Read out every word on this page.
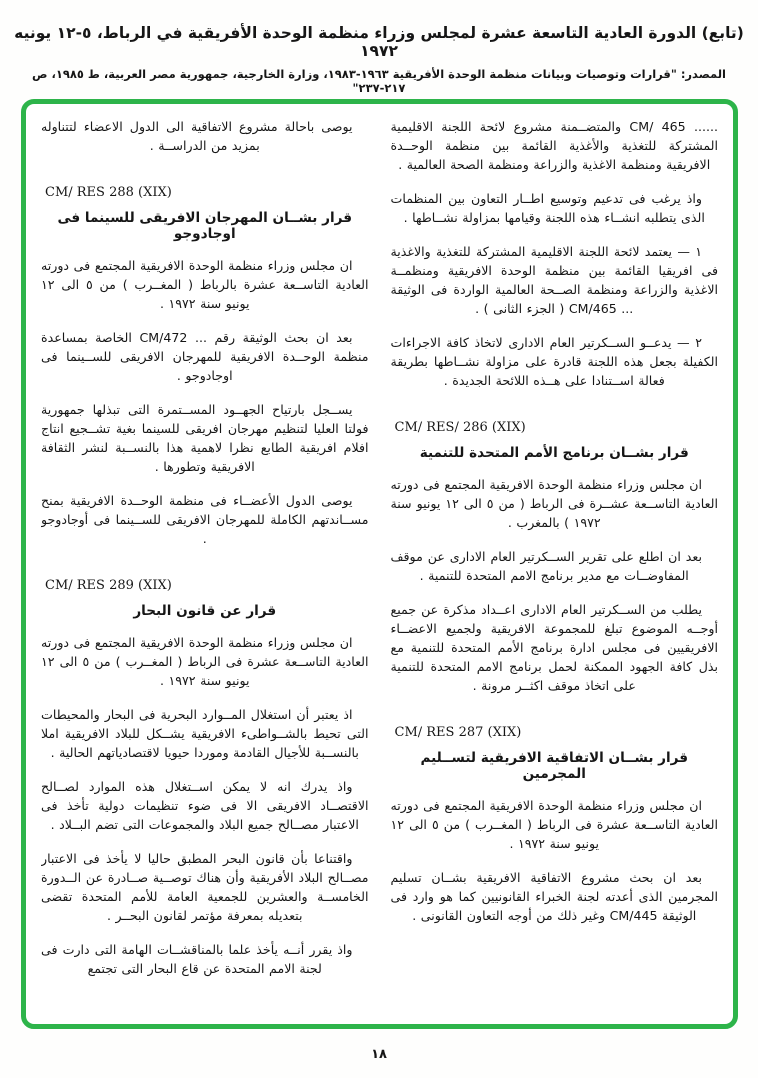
(تابع) الدورة العادية التاسعة عشرة لمجلس وزراء منظمة الوحدة الأفريقية في الرباط، ٥-١٢ يونيه ١٩٧٢
المصدر: "قرارات وتوصيات وبيانات منظمة الوحدة الأفريقية ١٩٦٣-١٩٨٣، وزارة الخارجية، جمهورية مصر العربية، ط ١٩٨٥، ص ٢١٧-٢٣٧"

...... CM/ 465 والمتضــمنة مشروع لائحة اللجنة الاقليمية المشتركة للتغذية والأغذية القائمة بين منظمة الوحــدة الافريقية ومنظمة الاغذية والزراعة ومنظمة الصحة العالمية .

واذ يرغب فى تدعيم وتوسيع اطــار التعاون بين المنظمات الذى يتطلبه انشــاء هذه اللجنة وقيامها بمزاولة نشــاطها .

١ — يعتمد لائحة اللجنة الاقليمية المشتركة للتغذية والاغذية فى افريقيا القائمة بين منظمة الوحدة الافريقية ومنظمــة الاغذية والزراعة ومنظمة الصــحة العالمية الواردة فى الوثيقة ... CM/465 ( الجزء الثانى ) .

٢ — يدعــو الســكرتير العام الادارى لاتخاذ كافة الاجراءات الكفيلة بجعل هذه اللجنة قادرة على مزاولة نشــاطها بطريقة فعالة اســتنادا على هــذه اللائحة الجديدة .

CM/ RES/ 286 (XIX)

قرار بشــان برنامج الأمم المتحدة للتنمية

ان مجلس وزراء منظمة الوحدة الافريقية المجتمع فى دورته العادية التاســعة عشــرة فى الرباط ( من ٥ الى ١٢ يونيو سنة ١٩٧٢ ) بالمغرب .

بعد ان اطلع على تقرير الســكرتير العام الادارى عن موقف المفاوضــات مع مدير برنامج الامم المتحدة للتنمية .

يطلب من الســكرتير العام الادارى اعــداد مذكرة عن جميع أوجــه الموضوع تبلغ للمجموعة الافريقية ولجميع الاعضــاء الافريقيين فى مجلس ادارة برنامج الأمم المتحدة للتنمية مع بذل كافة الجهود الممكنة لحمل برنامج الامم المتحدة للتنمية على اتخاذ موقف اكثــر مرونة .

CM/ RES 287 (XIX)

قرار بشــان الاتفاقية الافريقية لتســليم المجرمين

ان مجلس وزراء منظمة الوحدة الافريقية المجتمع فى دورته العادية التاســعة عشرة فى الرباط ( المغــرب ) من ٥ الى ١٢ يونيو سنة ١٩٧٢ .

بعد ان بحث مشروع الاتفاقية الافريقية بشــان تسليم المجرمين الذى أعدته لجنة الخبراء القانونيين كما هو وارد فى الوثيقة CM/445 وغير ذلك من أوجه التعاون القانونى .

يوصى باحالة مشروع الاتفاقية الى الدول الاعضاء لتتناوله بمزيد من الدراســة .

CM/ RES 288 (XIX)

قرار بشــان المهرجان الافريقى للسينما فى اوجادوجو

ان مجلس وزراء منظمة الوحدة الافريقية المجتمع فى دورته العادية التاســعة عشرة بالرباط ( المغــرب ) من ٥ الى ١٢ يونيو سنة ١٩٧٢ .

بعد ان بحث الوثيقة رقم ... CM/472 الخاصة بمساعدة منظمة الوحــدة الافريقية للمهرجان الافريقى للســينما فى اوجادوجو .

يســجل بارتياح الجهــود المســتمرة التى تبذلها جمهورية فولتا العليا لتنظيم مهرجان افريقى للسينما بغية تشــجيع انتاج افلام افريقية الطابع نظرا لاهمية هذا بالنســبة لنشر الثقافة الافريقية وتطورها .

يوصى الدول الأعضــاء فى منظمة الوحــدة الافريقية بمنح مســاندتهم الكاملة للمهرجان الافريقى للســينما فى أوجادوجو .

CM/ RES 289 (XIX)

قرار عن قانون البحار

ان مجلس وزراء منظمة الوحدة الافريقية المجتمع فى دورته العادية التاســعة عشرة فى الرباط ( المغــرب ) من ٥ الى ١٢ يونيو سنة ١٩٧٢ .

اذ يعتبر أن استغلال المــوارد البحرية فى البحار والمحيطات التى تحيط بالشــواطىء الافريقية يشــكل للبلاد الافريقية املا بالنســبة للأجيال القادمة وموردا حيويا لاقتصادياتهم الحالية .

واذ يدرك انه لا يمكن اســتغلال هذه الموارد لصــالح الاقتصــاد الافريقى الا فى ضوء تنظيمات دولية تأخذ فى الاعتبار مصــالح جميع البلاد والمجموعات التى تضم البــلاد .

واقتناعا بأن قانون البحر المطبق حاليا لا يأخذ فى الاعتبار مصــالح البلاد الأفريقية وأن هناك توصــية صــادرة عن الــدورة الخامســة والعشرين للجمعية العامة للأمم المتحدة تقضى بتعديله بمعرفة مؤتمر لقانون البحــر .

واذ يقرر أنــه يأخذ علما بالمناقشــات الهامة التى دارت فى لجنة الامم المتحدة عن قاع البحار التى تجتمع

١٨
